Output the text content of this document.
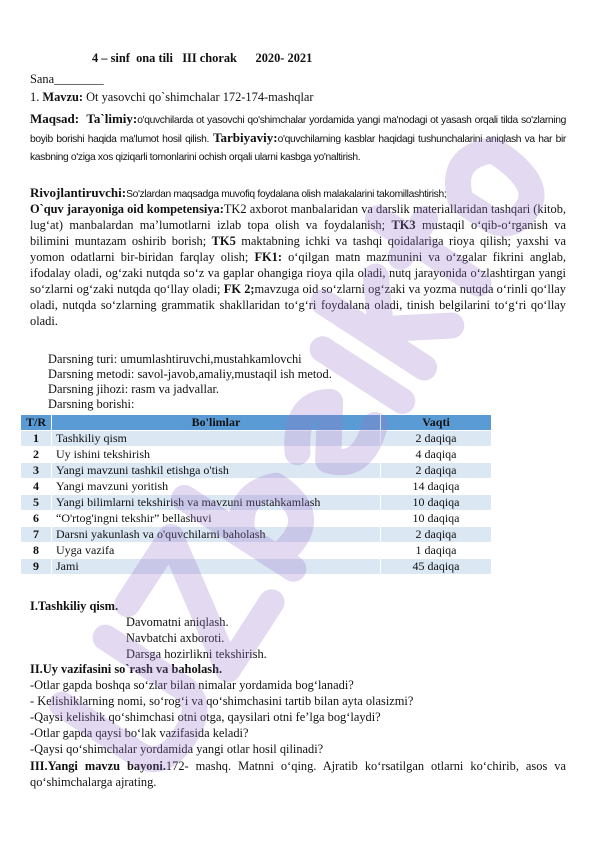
4 – sinf  ona tili   III chorak      2020- 2021
Sana________
1. Mavzu: Ot yasovchi qo`shimchalar 172-174-mashqlar
Maqsad: Ta`limiy:o'quvchilarda ot yasovchi qo'shimchalar yordamida yangi ma'nodagi ot yasash orqali tilda so'zlarning boyib borishi haqida ma'lumot hosil qilish. Tarbiyaviy:o'quvchilarning kasblar haqidagi tushunchalarini aniqlash va har bir kasbning o'ziga xos qiziqarli tomonlarini ochish orqali ularni kasbga yo'naltirish.
Rivojlantiruvchi:So'zlardan maqsadga muvofiq foydalana olish malakalarini takomillashtirish;
O`quv jarayoniga oid kompetensiya:TK2 axborot manbalaridan va darslik materiallaridan tashqari (kitob, lug‘at) manbalardan ma’lumotlarni izlab topa olish va foydalanish; TK3 mustaqil o‘qib-o‘rganish va bilimini muntazam oshirib borish; TK5 maktabning ichki va tashqi qoidalariga rioya qilish; yaxshi va yomon odatlarni bir-biridan farqlay olish; FK1: o‘qilgan matn mazmunini va o‘zgalar fikrini anglab, ifodalay oladi, og‘zaki nutqda so‘z va gaplar ohangiga rioya qila oladi, nutq jarayonida o‘zlashtirgan yangi so‘zlarni og‘zaki nutqda qo‘llay oladi; FK 2;mavzuga oid so‘zlarni og‘zaki va yozma nutqda o‘rinli qo‘llay oladi, nutqda so‘zlarning grammatik shakllaridan to‘g‘ri foydalana oladi, tinish belgilarini to‘g‘ri qo‘llay oladi.
Darsning turi: umumlashtiruvchi,mustahkamlovchi
Darsning metodi: savol-javob,amaliy,mustaqil ish metod.
Darsning jihozi: rasm va jadvallar.
Darsning borishi:
T/R	Bo'limlar	Vaqti
1	Tashkiliy qism	2 daqiqa
2	Uy ishini tekshirish	4 daqiqa
3	Yangi mavzuni tashkil etishga o'tish	2 daqiqa
4	Yangi mavzuni yoritish	14 daqiqa
5	Yangi bilimlarni tekshirish va mavzuni mustahkamlash	10 daqiqa
6	“O'rtog'ingni tekshir” bellashuvi	10 daqiqa
7	Darsni yakunlash va o'quvchilarni baholash	2 daqiqa
8	Uyga vazifa	1 daqiqa
9	Jami	45 daqiqa
I.Tashkiliy qism.
Davomatni aniqlash.
Navbatchi axboroti.
Darsga hozirlikni tekshirish.
II.Uy vazifasini so`rash va baholash.
-Otlar gapda boshqa so‘zlar bilan nimalar yordamida bog‘lanadi?
- Kelishiklarning nomi, so‘rog‘i va qo‘shimchasini tartib bilan ayta olasizmi?
-Qaysi kelishik qo‘shimchasi otni otga, qaysilari otni fe’lga bog‘laydi?
-Otlar gapda qaysi bo‘lak vazifasida keladi?
-Qaysi qo‘shimchalar yordamida yangi otlar hosil qilinadi?
III.Yangi mavzu bayoni.172- mashq. Matnni o‘qing. Ajratib ko‘rsatilgan otlarni ko‘chirib, asos va qo‘shimchalarga ajrating.
